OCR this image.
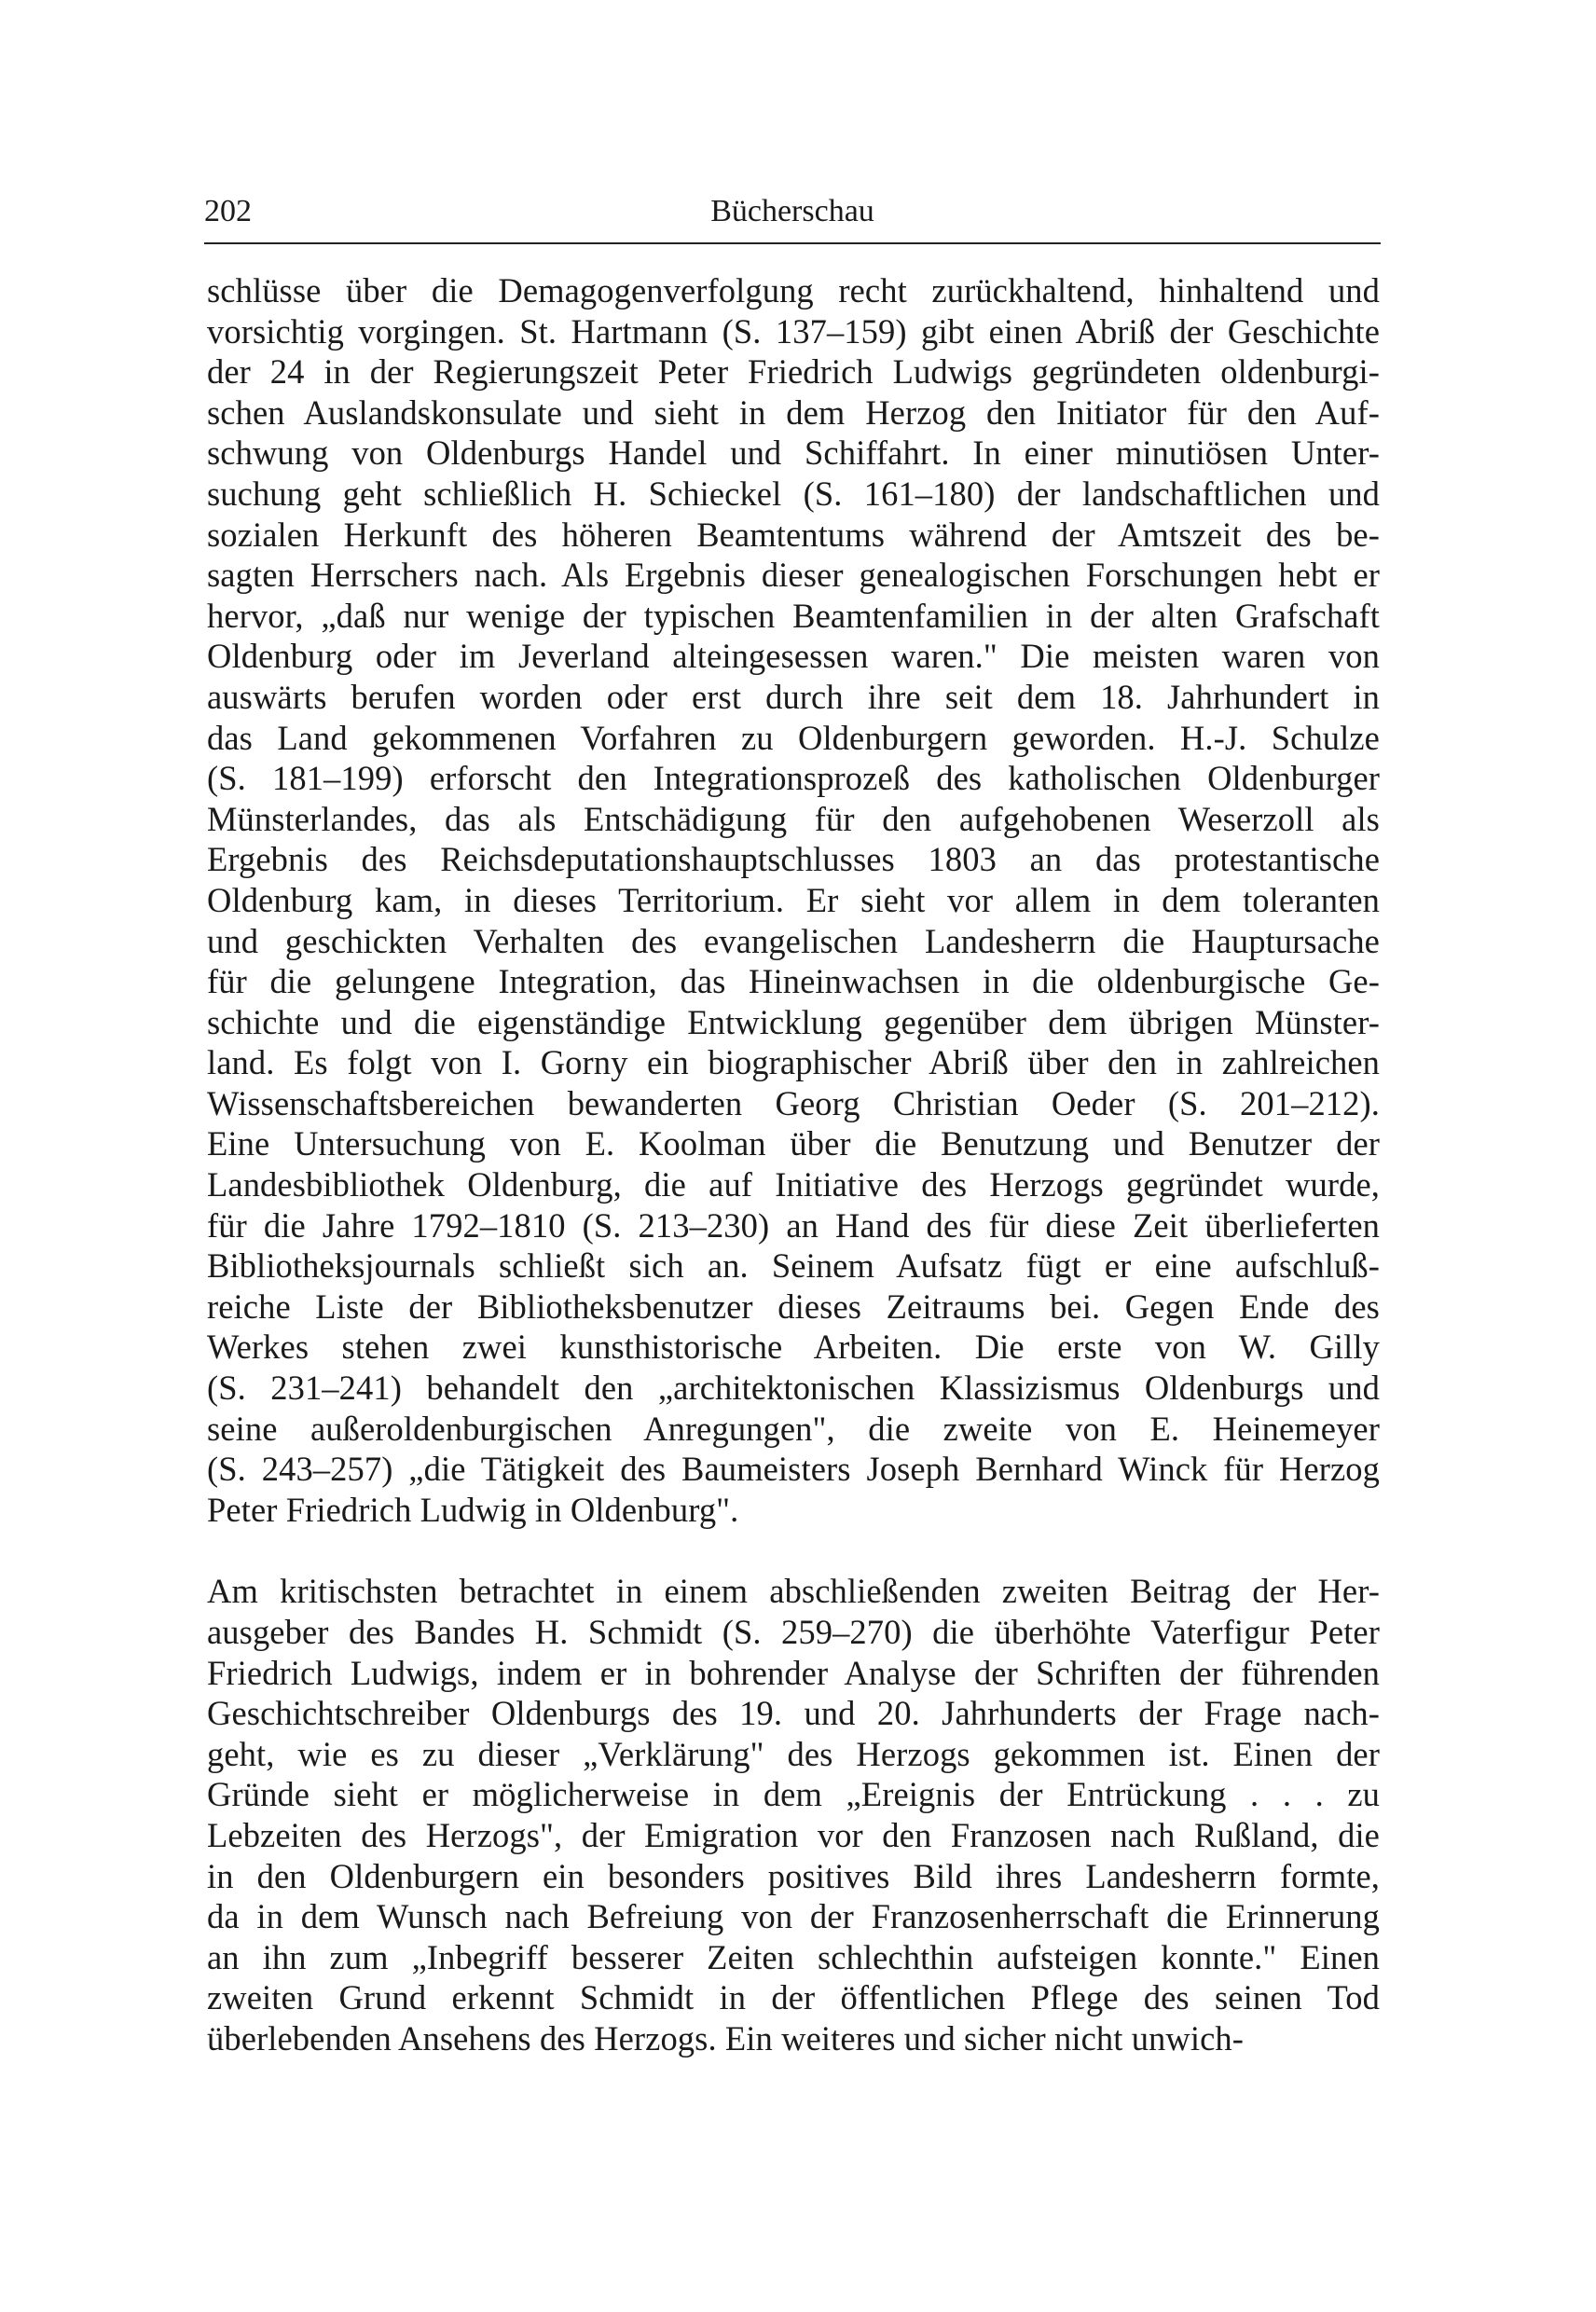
202	Bücherschau

schlüsse über die Demagogenverfolgung recht zurückhaltend, hinhaltend und
vorsichtig vorgingen. St. Hartmann (S. 137–159) gibt einen Abriß der Geschichte
der 24 in der Regierungszeit Peter Friedrich Ludwigs gegründeten oldenburgi-
schen Auslandskonsulate und sieht in dem Herzog den Initiator für den Auf-
schwung von Oldenburgs Handel und Schiffahrt. In einer minutiösen Unter-
suchung geht schließlich H. Schieckel (S. 161–180) der landschaftlichen und
sozialen Herkunft des höheren Beamtentums während der Amtszeit des be-
sagten Herrschers nach. Als Ergebnis dieser genealogischen Forschungen hebt er
hervor, „daß nur wenige der typischen Beamtenfamilien in der alten Grafschaft
Oldenburg oder im Jeverland alteingesessen waren." Die meisten waren von
auswärts berufen worden oder erst durch ihre seit dem 18. Jahrhundert in
das Land gekommenen Vorfahren zu Oldenburgern geworden. H.-J. Schulze
(S. 181–199) erforscht den Integrationsprozeß des katholischen Oldenburger
Münsterlandes, das als Entschädigung für den aufgehobenen Weserzoll als
Ergebnis des Reichsdeputationshauptschlusses 1803 an das protestantische
Oldenburg kam, in dieses Territorium. Er sieht vor allem in dem toleranten
und geschickten Verhalten des evangelischen Landesherrn die Hauptursache
für die gelungene Integration, das Hineinwachsen in die oldenburgische Ge-
schichte und die eigenständige Entwicklung gegenüber dem übrigen Münster-
land. Es folgt von I. Gorny ein biographischer Abriß über den in zahlreichen
Wissenschaftsbereichen bewanderten Georg Christian Oeder (S. 201–212).
Eine Untersuchung von E. Koolman über die Benutzung und Benutzer der
Landesbibliothek Oldenburg, die auf Initiative des Herzogs gegründet wurde,
für die Jahre 1792–1810 (S. 213–230) an Hand des für diese Zeit überlieferten
Bibliotheksjournals schließt sich an. Seinem Aufsatz fügt er eine aufschluß-
reiche Liste der Bibliotheksbenutzer dieses Zeitraums bei. Gegen Ende des
Werkes stehen zwei kunsthistorische Arbeiten. Die erste von W. Gilly
(S. 231–241) behandelt den „architektonischen Klassizismus Oldenburgs und
seine außeroldenburgischen Anregungen", die zweite von E. Heinemeyer
(S. 243–257) „die Tätigkeit des Baumeisters Joseph Bernhard Winck für Herzog
Peter Friedrich Ludwig in Oldenburg".

Am kritischsten betrachtet in einem abschließenden zweiten Beitrag der Her-
ausgeber des Bandes H. Schmidt (S. 259–270) die überhöhte Vaterfigur Peter
Friedrich Ludwigs, indem er in bohrender Analyse der Schriften der führenden
Geschichtschreiber Oldenburgs des 19. und 20. Jahrhunderts der Frage nach-
geht, wie es zu dieser „Verklärung" des Herzogs gekommen ist. Einen der
Gründe sieht er möglicherweise in dem „Ereignis der Entrückung . . . zu
Lebzeiten des Herzogs", der Emigration vor den Franzosen nach Rußland, die
in den Oldenburgern ein besonders positives Bild ihres Landesherrn formte,
da in dem Wunsch nach Befreiung von der Franzosenherrschaft die Erinnerung
an ihn zum „Inbegriff besserer Zeiten schlechthin aufsteigen konnte." Einen
zweiten Grund erkennt Schmidt in der öffentlichen Pflege des seinen Tod
überlebenden Ansehens des Herzogs. Ein weiteres und sicher nicht unwich-
